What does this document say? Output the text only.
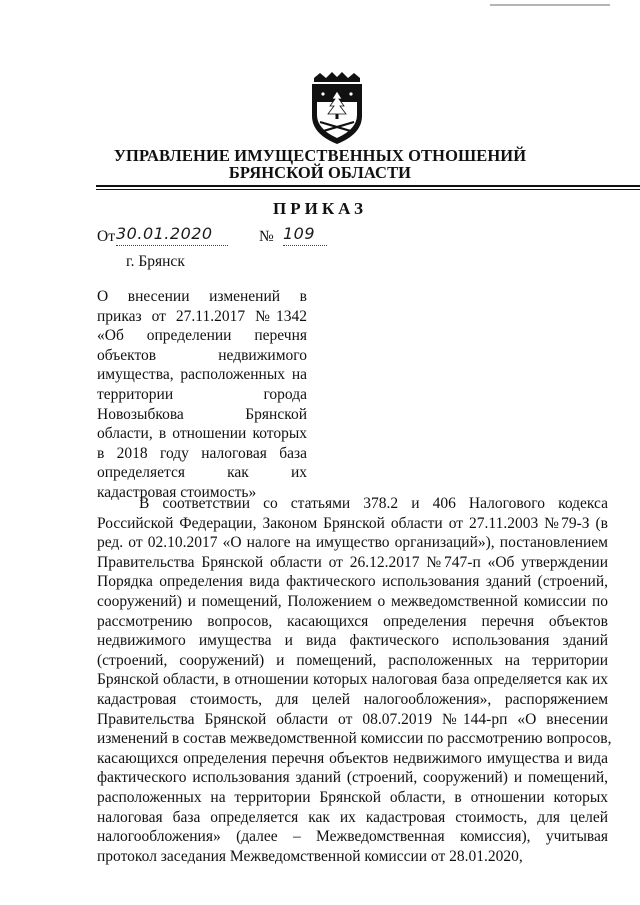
УПРАВЛЕНИЕ ИМУЩЕСТВЕННЫХ ОТНОШЕНИЙ
БРЯНСКОЙ ОБЛАСТИ
ПРИКАЗ
От 30.01.2020	№ 109
г. Брянск
О внесении изменений в
приказ от 27.11.2017 №1342
«Об определении перечня
объектов недвижимого
имущества, расположенных на
территории города
Новозыбкова Брянской
области, в отношении которых
в 2018 году налоговая база
определяется как их
кадастровая стоимость»
В соответствии со статьями 378.2 и 406 Налогового кодекса
Российской Федерации, Законом Брянской области от 27.11.2003 №79-З (в
ред. от 02.10.2017 «О налоге на имущество организаций»), постановлением
Правительства Брянской области от 26.12.2017 №747-п «Об утверждении
Порядка определения вида фактического использования зданий (строений,
сооружений) и помещений, Положением о межведомственной комиссии по
рассмотрению вопросов, касающихся определения перечня объектов
недвижимого имущества и вида фактического использования зданий
(строений, сооружений) и помещений, расположенных на территории
Брянской области, в отношении которых налоговая база определяется как их
кадастровая стоимость, для целей налогообложения», распоряжением
Правительства Брянской области от 08.07.2019 №144-рп «О внесении
изменений в состав межведомственной комиссии по рассмотрению вопросов,
касающихся определения перечня объектов недвижимого имущества и вида
фактического использования зданий (строений, сооружений) и помещений,
расположенных на территории Брянской области, в отношении которых
налоговая база определяется как их кадастровая стоимость, для целей
налогообложения» (далее – Межведомственная комиссия), учитывая
протокол заседания Межведомственной комиссии от 28.01.2020,
